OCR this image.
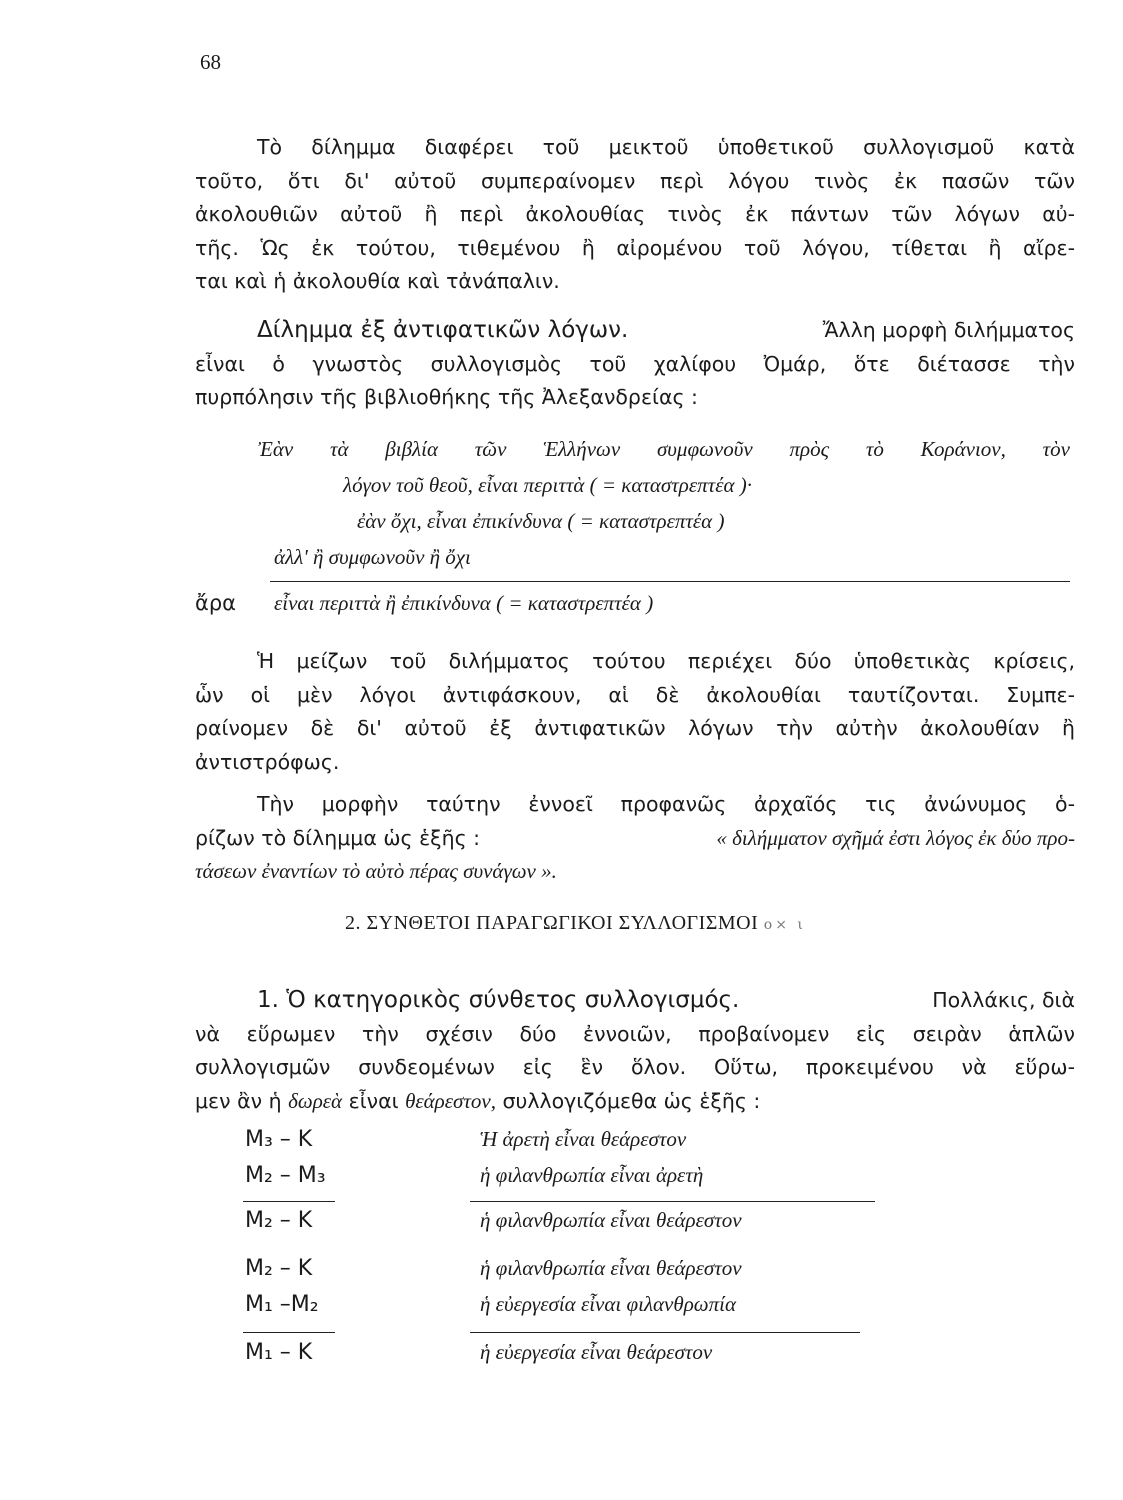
68
Τὸ δίλημμα διαφέρει τοῦ μεικτοῦ ὑποθετικοῦ συλλογισμοῦ κατὰ
τοῦτο, ὅτι δι' αὐτοῦ συμπεραίνομεν περὶ λόγου τινὸς ἐκ πασῶν τῶν
ἀκολουθιῶν αὐτοῦ ἢ περὶ ἀκολουθίας τινὸς ἐκ πάντων τῶν λόγων αὐ-
τῆς. Ὡς ἐκ τούτου, τιθεμένου ἢ αἰρομένου τοῦ λόγου, τίθεται ἢ αἴρε-
ται καὶ ἡ ἀκολουθία καὶ τἀνάπαλιν.
Δίλημμα ἐξ ἀντιφατικῶν λόγων.	Ἄλλη μορφὴ διλήμματος
εἶναι ὁ γνωστὸς συλλογισμὸς τοῦ χαλίφου Ὀμάρ, ὅτε διέτασσε τὴν
πυρπόλησιν τῆς βιβλιοθήκης τῆς Ἀλεξανδρείας :
Ἐὰν τὰ βιβλία τῶν Ἑλλήνων συμφωνοῦν πρὸς τὸ Κοράνιον, τὸν
λόγον τοῦ θεοῦ, εἶναι περιττὰ ( = καταστρεπτέα )·
ἐὰν ὄχι, εἶναι ἐπικίνδυνα ( = καταστρεπτέα )
ἀλλ' ἢ συμφωνοῦν ἢ ὄχι
ἄρα εἶναι περιττὰ ἢ ἐπικίνδυνα ( = καταστρεπτέα )
Ἡ μείζων τοῦ διλήμματος τούτου περιέχει δύο ὑποθετικὰς κρίσεις,
ὧν οἱ μὲν λόγοι ἀντιφάσκουν, αἱ δὲ ἀκολουθίαι ταυτίζονται. Συμπε-
ραίνομεν δὲ δι' αὐτοῦ ἐξ ἀντιφατικῶν λόγων τὴν αὐτὴν ἀκολουθίαν ἢ
ἀντιστρόφως.
Τὴν μορφὴν ταύτην ἐννοεῖ προφανῶς ἀρχαῖός τις ἀνώνυμος ὁ-
ρίζων τὸ δίλημμα ὡς ἑξῆς :	« διλήμματον σχῆμά ἐστι λόγος ἐκ δύο προ-
τάσεων ἐναντίων τὸ αὐτὸ πέρας συνάγων ».
2. ΣΥΝΘΕΤΟΙ ΠΑΡΑΓΩΓΙΚΟΙ ΣΥΛΛΟΓΙΣΜΟΙ ο× ι
1. Ὁ κατηγορικὸς σύνθετος συλλογισμός.	Πολλάκις, διὰ
νὰ εὕρωμεν τὴν σχέσιν δύο ἐννοιῶν, προβαίνομεν εἰς σειρὰν ἁπλῶν
συλλογισμῶν συνδεομένων εἰς ἓν ὅλον. Οὕτω, προκειμένου νὰ εὕρω-
μεν ἂν ἡ δωρεὰ εἶναι θεάρεστον, συλλογιζόμεθα ὡς ἑξῆς :
M₃ – K	Ἡ ἀρετὴ εἶναι θεάρεστον
M₂ – M₃	ἡ φιλανθρωπία εἶναι ἀρετὴ
M₂ – K	ἡ φιλανθρωπία εἶναι θεάρεστον
M₂ – K	ἡ φιλανθρωπία εἶναι θεάρεστον
M₁ –M₂	ἡ εὐεργεσία εἶναι φιλανθρωπία
M₁ – K	ἡ εὐεργεσία εἶναι θεάρεστον
